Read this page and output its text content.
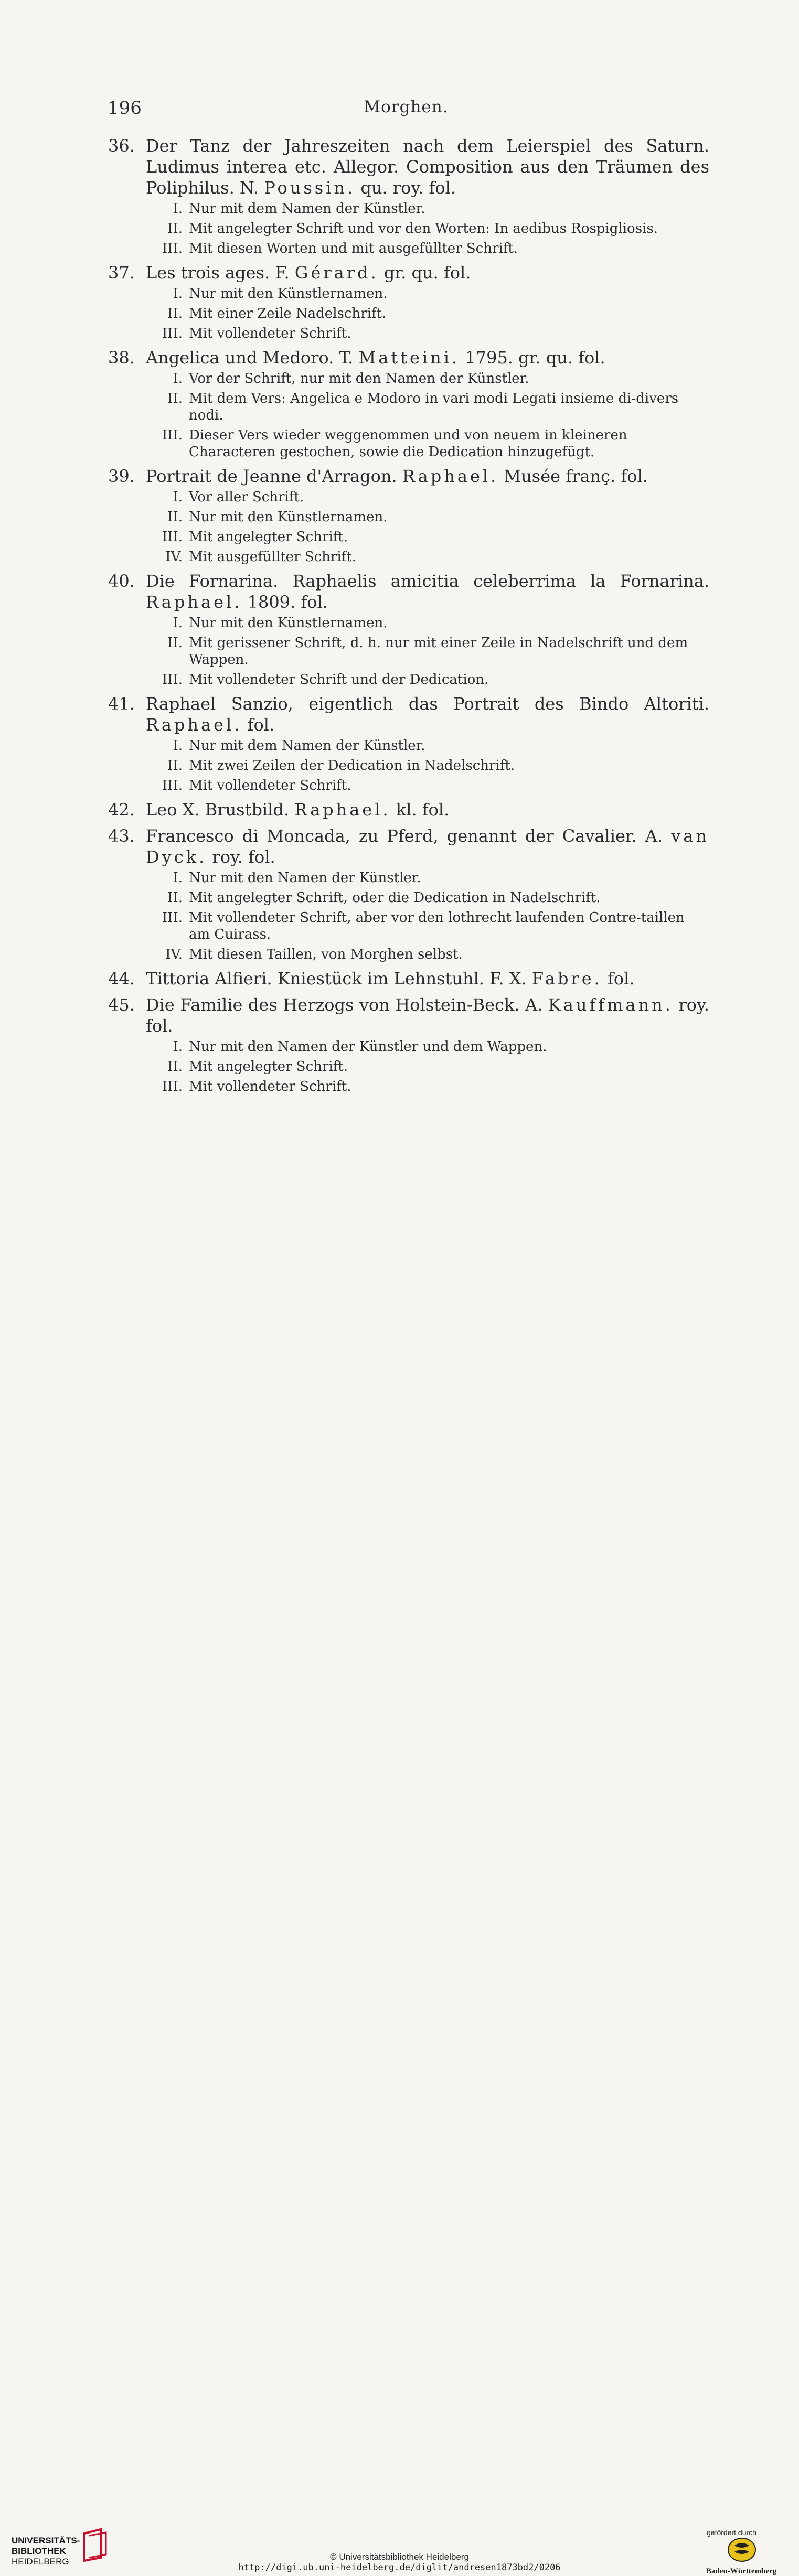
196	Morghen.
36. Der Tanz der Jahreszeiten nach dem Leierspiel des Saturn. Ludimus interea etc. Allegor. Composition aus den Träumen des Poliphilus. N. Poussin. qu. roy. fol.
I. Nur mit dem Namen der Künstler.
II. Mit angelegter Schrift und vor den Worten: In aedibus Rospigliosis.
III. Mit diesen Worten und mit ausgefüllter Schrift.
37. Les trois ages. F. Gérard. gr. qu. fol.
I. Nur mit den Künstlernamen.
II. Mit einer Zeile Nadelschrift.
III. Mit vollendeter Schrift.
38. Angelica und Medoro. T. Matteini. 1795. gr. qu. fol.
I. Vor der Schrift, nur mit den Namen der Künstler.
II. Mit dem Vers: Angelica e Modoro in vari modi Legati insieme di-divers nodi.
III. Dieser Vers wieder weggenommen und von neuem in kleineren Characteren gestochen, sowie die Dedication hinzugefügt.
39. Portrait de Jeanne d'Arragon. Raphael. Musée franç. fol.
I. Vor aller Schrift.
II. Nur mit den Künstlernamen.
III. Mit angelegter Schrift.
IV. Mit ausgefüllter Schrift.
40. Die Fornarina. Raphaelis amicitia celeberrima la Fornarina. Raphael. 1809. fol.
I. Nur mit den Künstlernamen.
II. Mit gerissener Schrift, d. h. nur mit einer Zeile in Nadelschrift und dem Wappen.
III. Mit vollendeter Schrift und der Dedication.
41. Raphael Sanzio, eigentlich das Portrait des Bindo Altoriti. Raphael. fol.
I. Nur mit dem Namen der Künstler.
II. Mit zwei Zeilen der Dedication in Nadelschrift.
III. Mit vollendeter Schrift.
42. Leo X. Brustbild. Raphael. kl. fol.
43. Francesco di Moncada, zu Pferd, genannt der Cavalier. A. van Dyck. roy. fol.
I. Nur mit den Namen der Künstler.
II. Mit angelegter Schrift, oder die Dedication in Nadelschrift.
III. Mit vollendeter Schrift, aber vor den lothrecht laufenden Contre-taillen am Cuirass.
IV. Mit diesen Taillen, von Morghen selbst.
44. Tittoria Alfieri. Kniestück im Lehnstuhl. F. X. Fabre. fol.
45. Die Familie des Herzogs von Holstein-Beck. A. Kauffmann. roy. fol.
I. Nur mit den Namen der Künstler und dem Wappen.
II. Mit angelegter Schrift.
III. Mit vollendeter Schrift.
UNIVERSITÄTS-
BIBLIOTHEK
HEIDELBERG	© Universitätsbibliothek Heidelberg
http://digi.ub.uni-heidelberg.de/diglit/andresen1873bd2/0206
gefördert durch
Baden-Württemberg
